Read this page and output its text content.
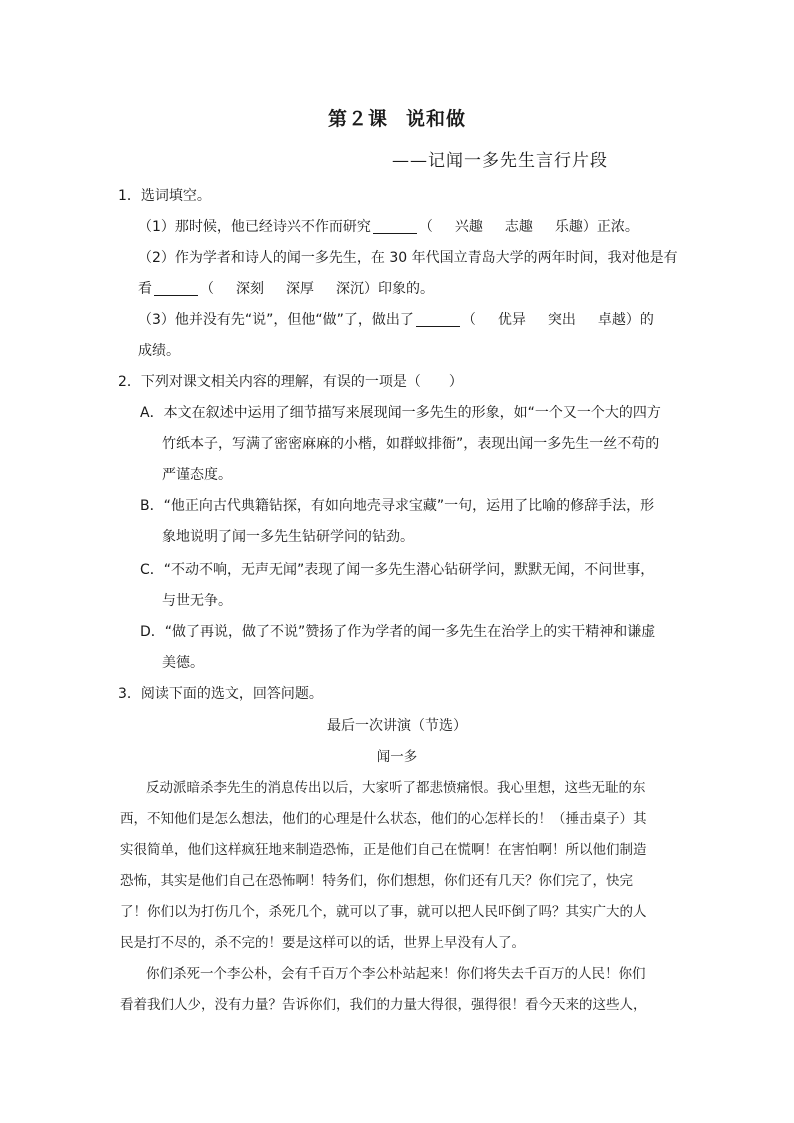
第２课 说和做
——记闻一多先生言行片段
1．选词填空。
（1）那时候，他已经诗兴不作而研究	（ 兴趣 志趣 乐趣）正浓。
（2）作为学者和诗人的闻一多先生，在 30 年代国立青岛大学的两年时间，我对他是有
看	（ 深刻 深厚 深沉）印象的。
（3）他并没有先“说”，但他“做”了，做出了	（ 优异 突出 卓越）的
成绩。
2．下列对课文相关内容的理解，有误的一项是（　　）
A．本文在叙述中运用了细节描写来展现闻一多先生的形象，如“一个又一个大的四方
竹纸本子，写满了密密麻麻的小楷，如群蚁排衙”，表现出闻一多先生一丝不苟的
严谨态度。
B．“他正向古代典籍钻探，有如向地壳寻求宝藏”一句，运用了比喻的修辞手法，形
象地说明了闻一多先生钻研学问的钻劲。
C．“不动不响，无声无闻”表现了闻一多先生潜心钻研学问，默默无闻，不问世事，
与世无争。
D．“做了再说，做了不说”赞扬了作为学者的闻一多先生在治学上的实干精神和谦虚
美德。
3．阅读下面的选文，回答问题。
最后一次讲演（节选）
闻一多
反动派暗杀李先生的消息传出以后，大家听了都悲愤痛恨。我心里想，这些无耻的东
西，不知他们是怎么想法，他们的心理是什么状态，他们的心怎样长的！（捶击桌子）其
实很简单，他们这样疯狂地来制造恐怖，正是他们自己在慌啊！在害怕啊！所以他们制造
恐怖，其实是他们自己在恐怖啊！特务们，你们想想，你们还有几天？你们完了，快完
了！你们以为打伤几个，杀死几个，就可以了事，就可以把人民吓倒了吗？其实广大的人
民是打不尽的，杀不完的！要是这样可以的话，世界上早没有人了。
你们杀死一个李公朴，会有千百万个李公朴站起来！你们将失去千百万的人民！你们
看着我们人少，没有力量？告诉你们，我们的力量大得很，强得很！看今天来的这些人，
